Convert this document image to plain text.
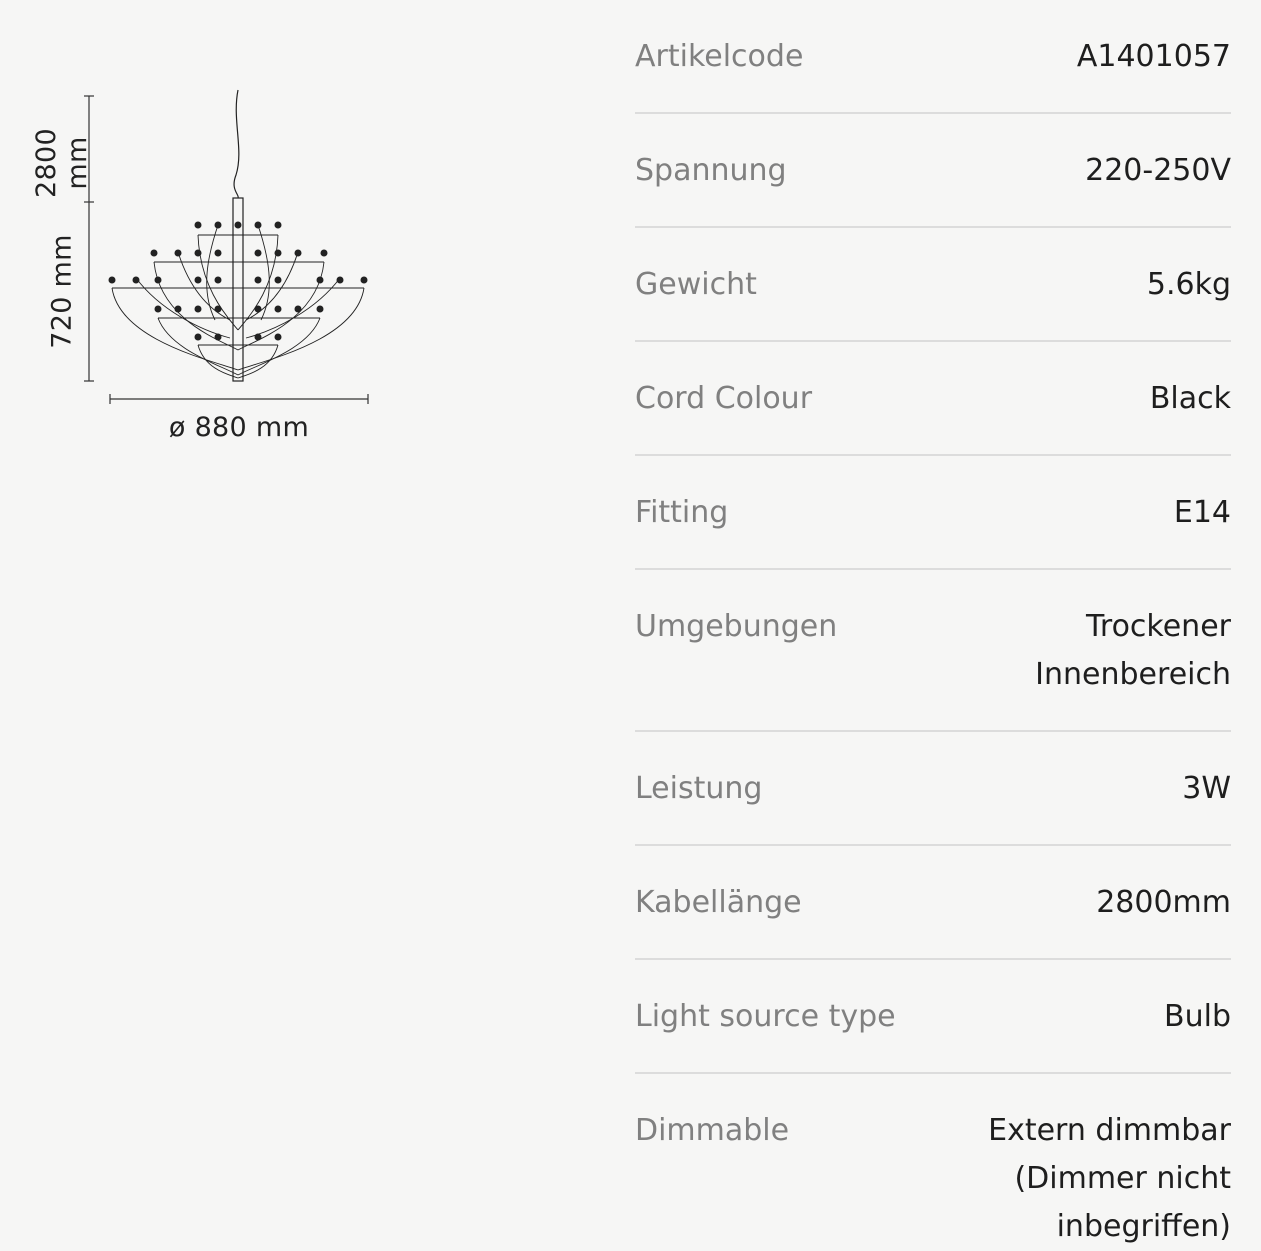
2800 mm
720 mm
ø 880 mm
Artikelcode	A1401057
Spannung	220-250V
Gewicht	5.6kg
Cord Colour	Black
Fitting	E14
Umgebungen	Trockener Innenbereich
Leistung	3W
Kabellänge	2800mm
Light source type	Bulb
Dimmable	Extern dimmbar (Dimmer nicht inbegriffen)
